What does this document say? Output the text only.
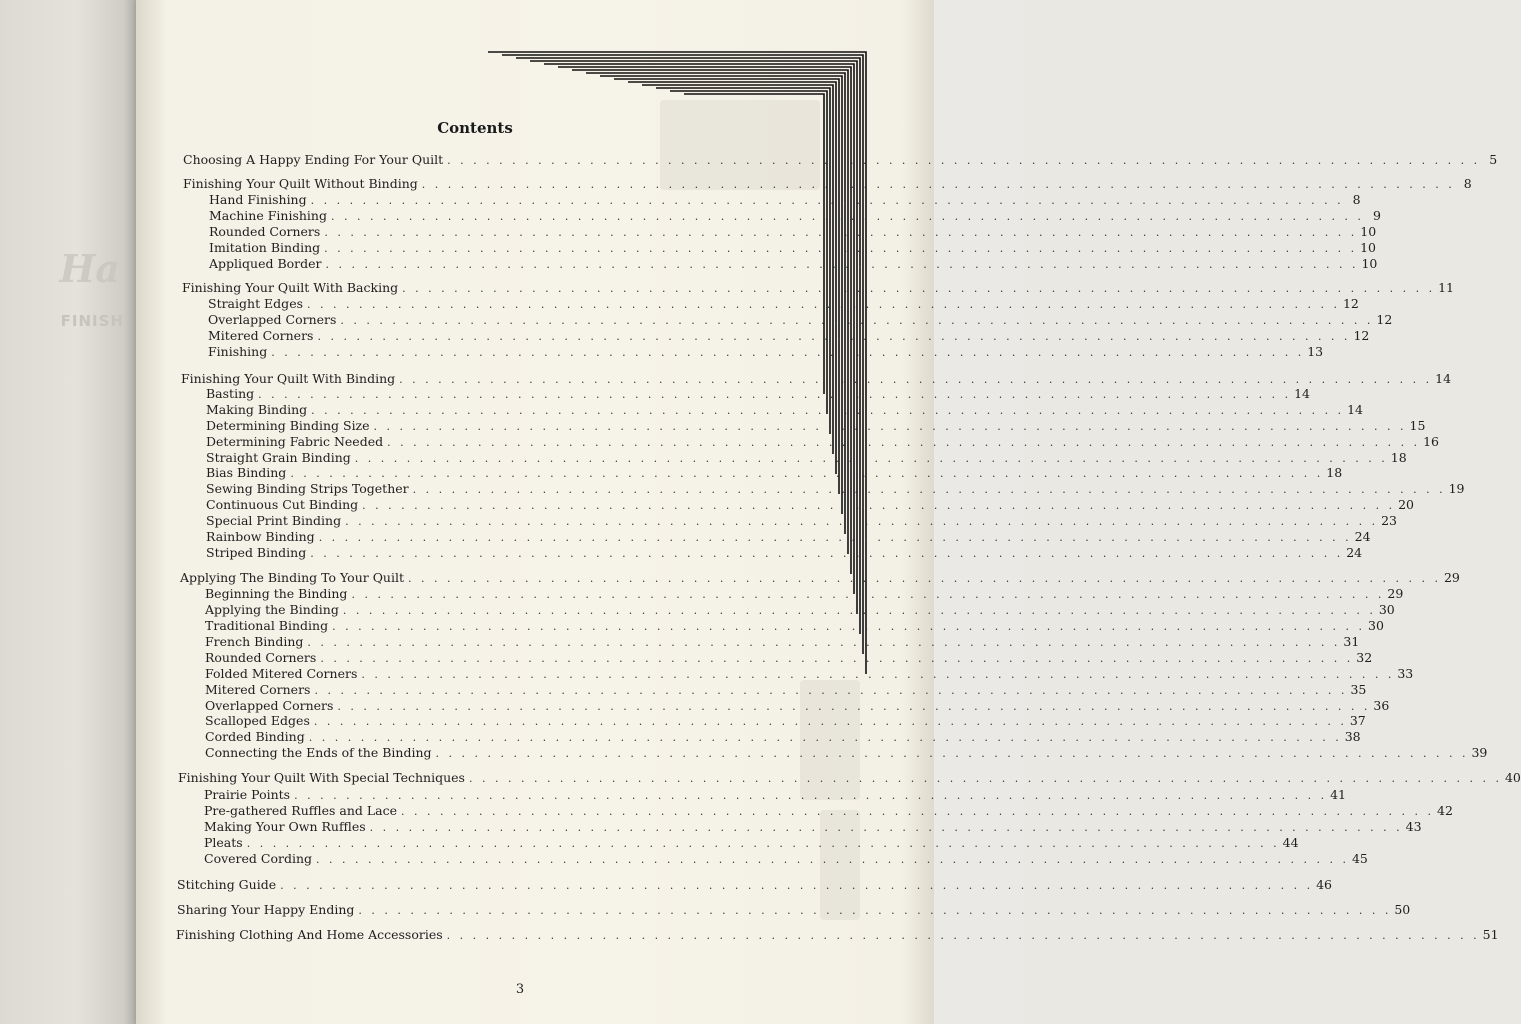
Ha
FINISH
Contents
Choosing A Happy Ending For Your Quilt . . . . . . . . . . . . . . . . . . . . . . . . . . . . . . . . . . . . . . . . . . . . . . . . . . . . . . . . . . . . . . . . . . . . . . . . . . . . . . . . 5
Finishing Your Quilt Without Binding . . . . . . . . . . . . . . . . . . . . . . . . . . . . . . . . . . . . . . . . . . . . . . . . . . . . . . . . . . . . . . . . . . . . . . . . . . . . . . . . 8
Hand Finishing . . . . . . . . . . . . . . . . . . . . . . . . . . . . . . . . . . . . . . . . . . . . . . . . . . . . . . . . . . . . . . . . . . . . . . . . . . . . . . . . 8
Machine Finishing . . . . . . . . . . . . . . . . . . . . . . . . . . . . . . . . . . . . . . . . . . . . . . . . . . . . . . . . . . . . . . . . . . . . . . . . . . . . . . . . 9
Rounded Corners . . . . . . . . . . . . . . . . . . . . . . . . . . . . . . . . . . . . . . . . . . . . . . . . . . . . . . . . . . . . . . . . . . . . . . . . . . . . . . . . 10
Imitation Binding . . . . . . . . . . . . . . . . . . . . . . . . . . . . . . . . . . . . . . . . . . . . . . . . . . . . . . . . . . . . . . . . . . . . . . . . . . . . . . . . 10
Appliqued Border . . . . . . . . . . . . . . . . . . . . . . . . . . . . . . . . . . . . . . . . . . . . . . . . . . . . . . . . . . . . . . . . . . . . . . . . . . . . . . . . 10
Finishing Your Quilt With Backing . . . . . . . . . . . . . . . . . . . . . . . . . . . . . . . . . . . . . . . . . . . . . . . . . . . . . . . . . . . . . . . . . . . . . . . . . . . . . . . . 11
Straight Edges . . . . . . . . . . . . . . . . . . . . . . . . . . . . . . . . . . . . . . . . . . . . . . . . . . . . . . . . . . . . . . . . . . . . . . . . . . . . . . . . 12
Overlapped Corners . . . . . . . . . . . . . . . . . . . . . . . . . . . . . . . . . . . . . . . . . . . . . . . . . . . . . . . . . . . . . . . . . . . . . . . . . . . . . . . . 12
Mitered Corners . . . . . . . . . . . . . . . . . . . . . . . . . . . . . . . . . . . . . . . . . . . . . . . . . . . . . . . . . . . . . . . . . . . . . . . . . . . . . . . . 12
Finishing . . . . . . . . . . . . . . . . . . . . . . . . . . . . . . . . . . . . . . . . . . . . . . . . . . . . . . . . . . . . . . . . . . . . . . . . . . . . . . . . 13
Finishing Your Quilt With Binding . . . . . . . . . . . . . . . . . . . . . . . . . . . . . . . . . . . . . . . . . . . . . . . . . . . . . . . . . . . . . . . . . . . . . . . . . . . . . . . . 14
Basting . . . . . . . . . . . . . . . . . . . . . . . . . . . . . . . . . . . . . . . . . . . . . . . . . . . . . . . . . . . . . . . . . . . . . . . . . . . . . . . . 14
Making Binding . . . . . . . . . . . . . . . . . . . . . . . . . . . . . . . . . . . . . . . . . . . . . . . . . . . . . . . . . . . . . . . . . . . . . . . . . . . . . . . . 14
Determining Binding Size . . . . . . . . . . . . . . . . . . . . . . . . . . . . . . . . . . . . . . . . . . . . . . . . . . . . . . . . . . . . . . . . . . . . . . . . . . . . . . . . 15
Determining Fabric Needed . . . . . . . . . . . . . . . . . . . . . . . . . . . . . . . . . . . . . . . . . . . . . . . . . . . . . . . . . . . . . . . . . . . . . . . . . . . . . . . . 16
Straight Grain Binding . . . . . . . . . . . . . . . . . . . . . . . . . . . . . . . . . . . . . . . . . . . . . . . . . . . . . . . . . . . . . . . . . . . . . . . . . . . . . . . . 18
Bias Binding . . . . . . . . . . . . . . . . . . . . . . . . . . . . . . . . . . . . . . . . . . . . . . . . . . . . . . . . . . . . . . . . . . . . . . . . . . . . . . . . 18
Sewing Binding Strips Together . . . . . . . . . . . . . . . . . . . . . . . . . . . . . . . . . . . . . . . . . . . . . . . . . . . . . . . . . . . . . . . . . . . . . . . . . . . . . . . . 19
Continuous Cut Binding . . . . . . . . . . . . . . . . . . . . . . . . . . . . . . . . . . . . . . . . . . . . . . . . . . . . . . . . . . . . . . . . . . . . . . . . . . . . . . . . 20
Special Print Binding . . . . . . . . . . . . . . . . . . . . . . . . . . . . . . . . . . . . . . . . . . . . . . . . . . . . . . . . . . . . . . . . . . . . . . . . . . . . . . . . 23
Rainbow Binding . . . . . . . . . . . . . . . . . . . . . . . . . . . . . . . . . . . . . . . . . . . . . . . . . . . . . . . . . . . . . . . . . . . . . . . . . . . . . . . . 24
Striped Binding . . . . . . . . . . . . . . . . . . . . . . . . . . . . . . . . . . . . . . . . . . . . . . . . . . . . . . . . . . . . . . . . . . . . . . . . . . . . . . . . 24
Applying The Binding To Your Quilt . . . . . . . . . . . . . . . . . . . . . . . . . . . . . . . . . . . . . . . . . . . . . . . . . . . . . . . . . . . . . . . . . . . . . . . . . . . . . . . . 29
Beginning the Binding . . . . . . . . . . . . . . . . . . . . . . . . . . . . . . . . . . . . . . . . . . . . . . . . . . . . . . . . . . . . . . . . . . . . . . . . . . . . . . . . 29
Applying the Binding . . . . . . . . . . . . . . . . . . . . . . . . . . . . . . . . . . . . . . . . . . . . . . . . . . . . . . . . . . . . . . . . . . . . . . . . . . . . . . . . 30
Traditional Binding . . . . . . . . . . . . . . . . . . . . . . . . . . . . . . . . . . . . . . . . . . . . . . . . . . . . . . . . . . . . . . . . . . . . . . . . . . . . . . . . 30
French Binding . . . . . . . . . . . . . . . . . . . . . . . . . . . . . . . . . . . . . . . . . . . . . . . . . . . . . . . . . . . . . . . . . . . . . . . . . . . . . . . . 31
Rounded Corners . . . . . . . . . . . . . . . . . . . . . . . . . . . . . . . . . . . . . . . . . . . . . . . . . . . . . . . . . . . . . . . . . . . . . . . . . . . . . . . . 32
Folded Mitered Corners . . . . . . . . . . . . . . . . . . . . . . . . . . . . . . . . . . . . . . . . . . . . . . . . . . . . . . . . . . . . . . . . . . . . . . . . . . . . . . . . 33
Mitered Corners . . . . . . . . . . . . . . . . . . . . . . . . . . . . . . . . . . . . . . . . . . . . . . . . . . . . . . . . . . . . . . . . . . . . . . . . . . . . . . . . 35
Overlapped Corners . . . . . . . . . . . . . . . . . . . . . . . . . . . . . . . . . . . . . . . . . . . . . . . . . . . . . . . . . . . . . . . . . . . . . . . . . . . . . . . . 36
Scalloped Edges . . . . . . . . . . . . . . . . . . . . . . . . . . . . . . . . . . . . . . . . . . . . . . . . . . . . . . . . . . . . . . . . . . . . . . . . . . . . . . . . 37
Corded Binding . . . . . . . . . . . . . . . . . . . . . . . . . . . . . . . . . . . . . . . . . . . . . . . . . . . . . . . . . . . . . . . . . . . . . . . . . . . . . . . . 38
Connecting the Ends of the Binding . . . . . . . . . . . . . . . . . . . . . . . . . . . . . . . . . . . . . . . . . . . . . . . . . . . . . . . . . . . . . . . . . . . . . . . . . . . . . . . . 39
Finishing Your Quilt With Special Techniques . . . . . . . . . . . . . . . . . . . . . . . . . . . . . . . . . . . . . . . . . . . . . . . . . . . . . . . . . . . . . . . . . . . . . . . . . . . . . . . . 40
Prairie Points . . . . . . . . . . . . . . . . . . . . . . . . . . . . . . . . . . . . . . . . . . . . . . . . . . . . . . . . . . . . . . . . . . . . . . . . . . . . . . . . 41
Pre-gathered Ruffles and Lace . . . . . . . . . . . . . . . . . . . . . . . . . . . . . . . . . . . . . . . . . . . . . . . . . . . . . . . . . . . . . . . . . . . . . . . . . . . . . . . . 42
Making Your Own Ruffles . . . . . . . . . . . . . . . . . . . . . . . . . . . . . . . . . . . . . . . . . . . . . . . . . . . . . . . . . . . . . . . . . . . . . . . . . . . . . . . . 43
Pleats . . . . . . . . . . . . . . . . . . . . . . . . . . . . . . . . . . . . . . . . . . . . . . . . . . . . . . . . . . . . . . . . . . . . . . . . . . . . . . . . 44
Covered Cording . . . . . . . . . . . . . . . . . . . . . . . . . . . . . . . . . . . . . . . . . . . . . . . . . . . . . . . . . . . . . . . . . . . . . . . . . . . . . . . . 45
Stitching Guide . . . . . . . . . . . . . . . . . . . . . . . . . . . . . . . . . . . . . . . . . . . . . . . . . . . . . . . . . . . . . . . . . . . . . . . . . . . . . . . . 46
Sharing Your Happy Ending . . . . . . . . . . . . . . . . . . . . . . . . . . . . . . . . . . . . . . . . . . . . . . . . . . . . . . . . . . . . . . . . . . . . . . . . . . . . . . . . 50
Finishing Clothing And Home Accessories . . . . . . . . . . . . . . . . . . . . . . . . . . . . . . . . . . . . . . . . . . . . . . . . . . . . . . . . . . . . . . . . . . . . . . . . . . . . . . . . 51
3
